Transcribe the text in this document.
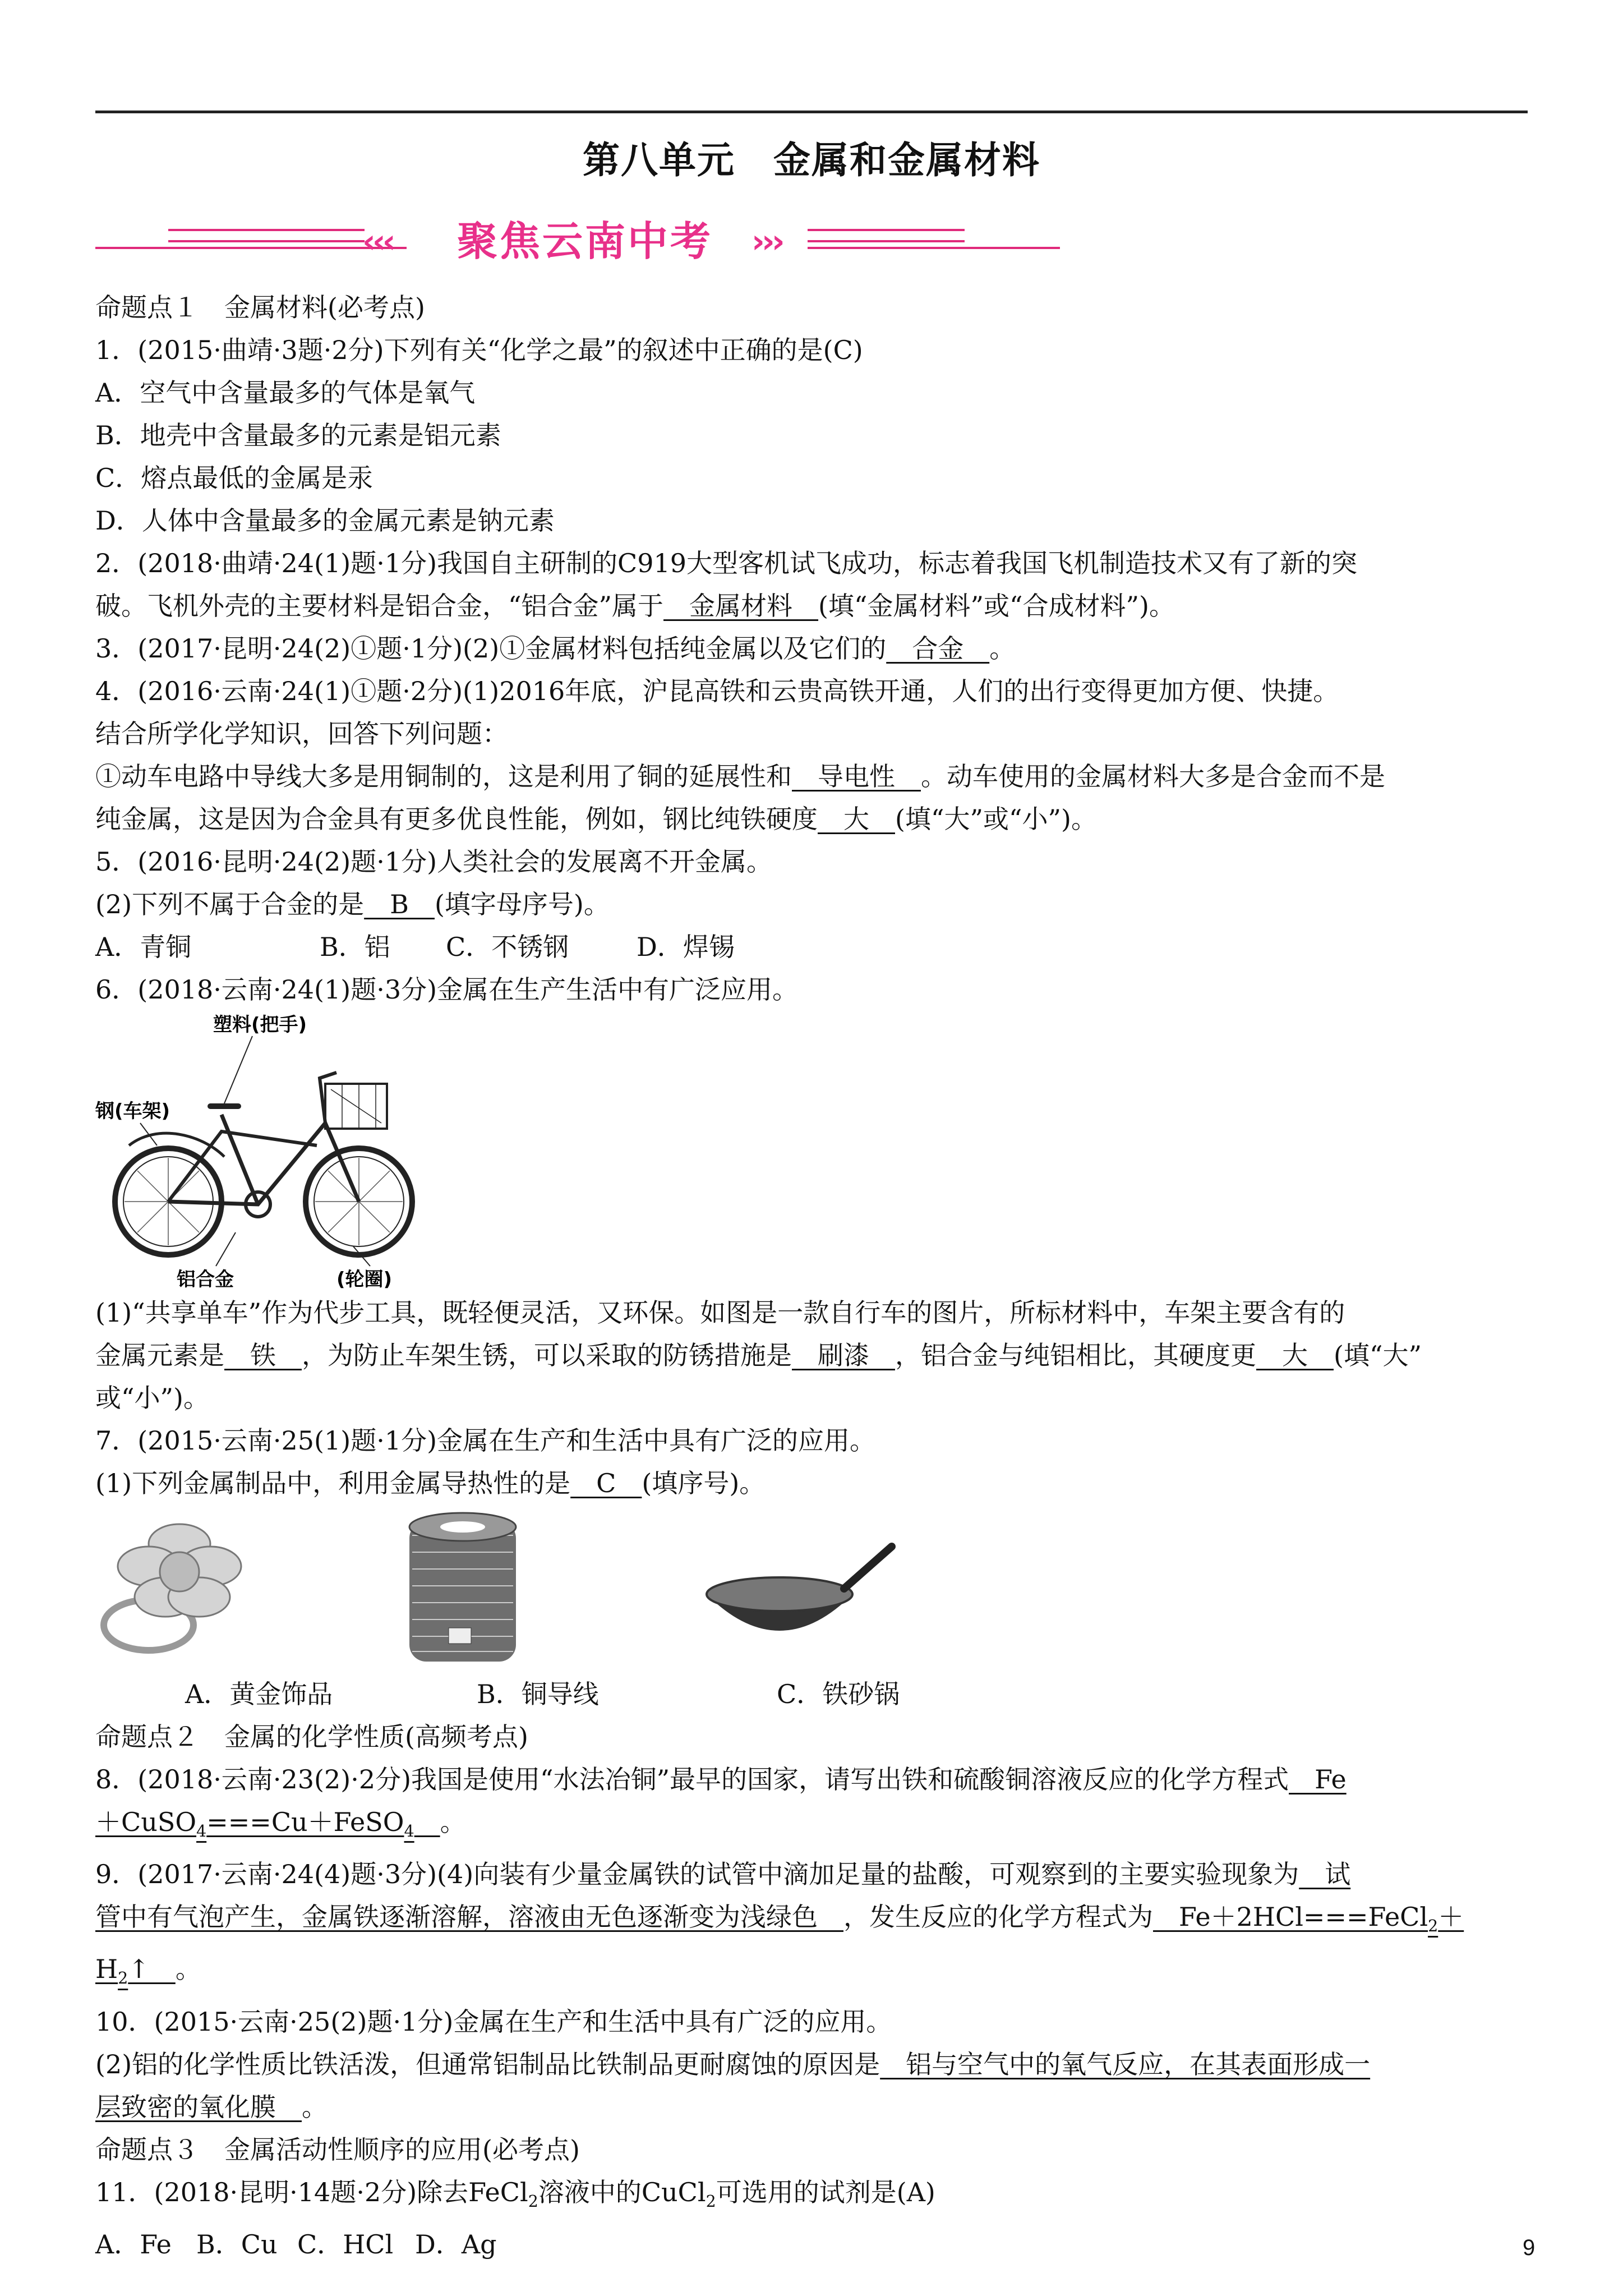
第八单元　金属和金属材料
‹‹‹ 聚焦云南中考 ›››

命题点１　金属材料(必考点)

1．(2015·曲靖·3题·2分)下列有关“化学之最”的叙述中正确的是(C)

A．空气中含量最多的气体是氧气

B．地壳中含量最多的元素是铝元素

C．熔点最低的金属是汞

D．人体中含量最多的金属元素是钠元素

2．(2018·曲靖·24(1)题·1分)我国自主研制的C919大型客机试飞成功，标志着我国飞机制造技术又有了新的突

破。飞机外壳的主要材料是铝合金，“铝合金”属于　金属材料　(填“金属材料”或“合成材料”)。

3．(2017·昆明·24(2)①题·1分)(2)①金属材料包括纯金属以及它们的　合金　。

4．(2016·云南·24(1)①题·2分)(1)2016年底，沪昆高铁和云贵高铁开通，人们的出行变得更加方便、快捷。

结合所学化学知识，回答下列问题：

①动车电路中导线大多是用铜制的，这是利用了铜的延展性和　导电性　。动车使用的金属材料大多是合金而不是

纯金属，这是因为合金具有更多优良性能，例如，钢比纯铁硬度　大　(填“大”或“小”)。

5．(2016·昆明·24(2)题·1分)人类社会的发展离不开金属。

(2)下列不属于合金的是　B　(填字母序号)。

A．青铜	B．铝 C．不锈钢	D．焊锡

6．(2018·云南·24(1)题·3分)金属在生产生活中有广泛应用。

塑料(把手)
钢(车架)
铝合金	(轮圈)

(1)“共享单车”作为代步工具，既轻便灵活，又环保。如图是一款自行车的图片，所标材料中，车架主要含有的

金属元素是　铁　，为防止车架生锈，可以采取的防锈措施是　刷漆　，铝合金与纯铝相比，其硬度更　大　(填“大”

或“小”)。

7．(2015·云南·25(1)题·1分)金属在生产和生活中具有广泛的应用。

(1)下列金属制品中，利用金属导热性的是　C　(填序号)。

A．黄金饰品	B．铜导线	C．铁砂锅

命题点２　金属的化学性质(高频考点)

8．(2018·云南·23(2)·2分)我国是使用“水法冶铜”最早的国家，请写出铁和硫酸铜溶液反应的化学方程式　Fe
＋CuSO$_4$===Cu＋FeSO$_4$　 。

9．(2017·云南·24(4)题·3分)(4)向装有少量金属铁的试管中滴加足量的盐酸，可观察到的主要实验现象为　试
管中有气泡产生，金属铁逐渐溶解，溶液由无色逐渐变为浅绿色　，发生反应的化学方程式为　Fe＋2HCl===FeCl$_2$＋
$H_2↑$　。

10．(2015·云南·25(2)题·1分)金属在生产和生活中具有广泛的应用。

(2)铝的化学性质比铁活泼，但通常铝制品比铁制品更耐腐蚀的原因是　铝与空气中的氧气反应，在其表面形成一
层致密的氧化膜　。

命题点３　金属活动性顺序的应用(必考点)

11．(2018·昆明·14题·2分)除去FeCl$_2$溶液中的CuCl$_2$可选用的试剂是(A)

A．Fe B．Cu C．HCl D．Ag	9
